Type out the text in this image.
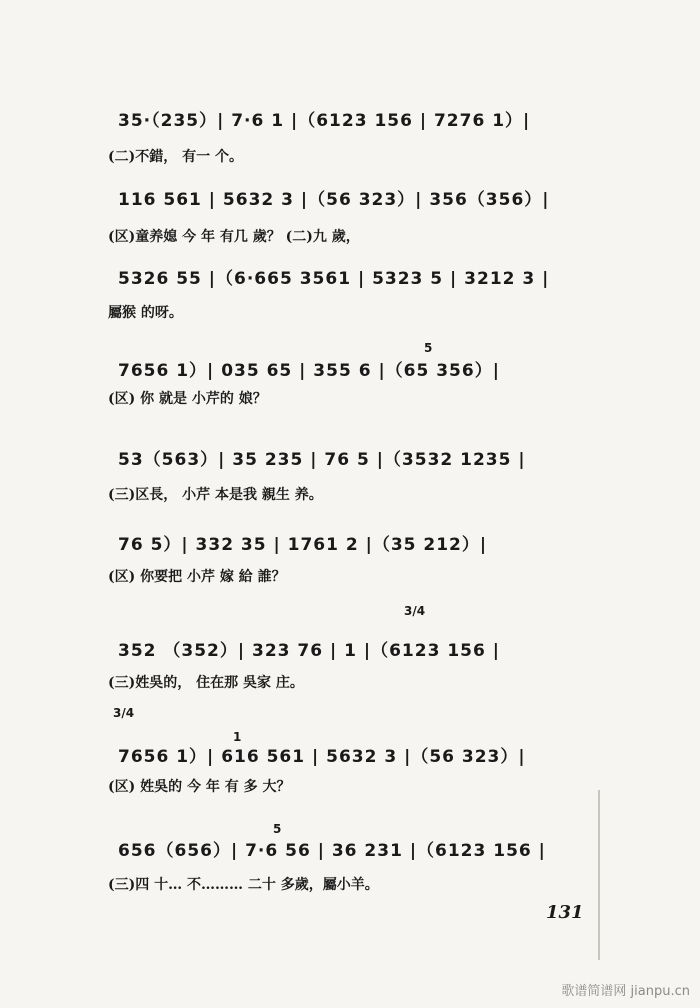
35·（235）| 7·6 1 |（6123 156 | 7276 1）|
(二)不錯， 有一 个。
116 561 | 5632 3 |（56 323）| 356（356）|
(区)童养媳 今 年 有几 歲？ (二)九 歲，
5326 55 |（6·665 3561 | 5323 5 | 3212 3 |
屬猴 的呀。
5
7656 1）| 035 65 | 355 6 |（65 356）|
(区) 你 就是 小芹的 娘？
53（563）| 35 235 | 76 5 |（3532 1235 |
(三)区長， 小芹 本是我 親生 养。
76 5）| 332 35 | 1761 2 |（35 212）|
(区) 你要把 小芹 嫁 給 誰？
3/4
352 （352）| 323 76 | 1 |（6123 156 |
(三)姓吳的， 住在那 吳家 庄。
3/4
1
7656 1）| 616 561 | 5632 3 |（56 323）|
(区) 姓吳的 今 年 有 多 大？
5
656（656）| 7·6 56 | 36 231 |（6123 156 |
(三)四 十… 不……… 二十 多歲，屬小羊。
131
歌谱简谱网 jianpu.cn
